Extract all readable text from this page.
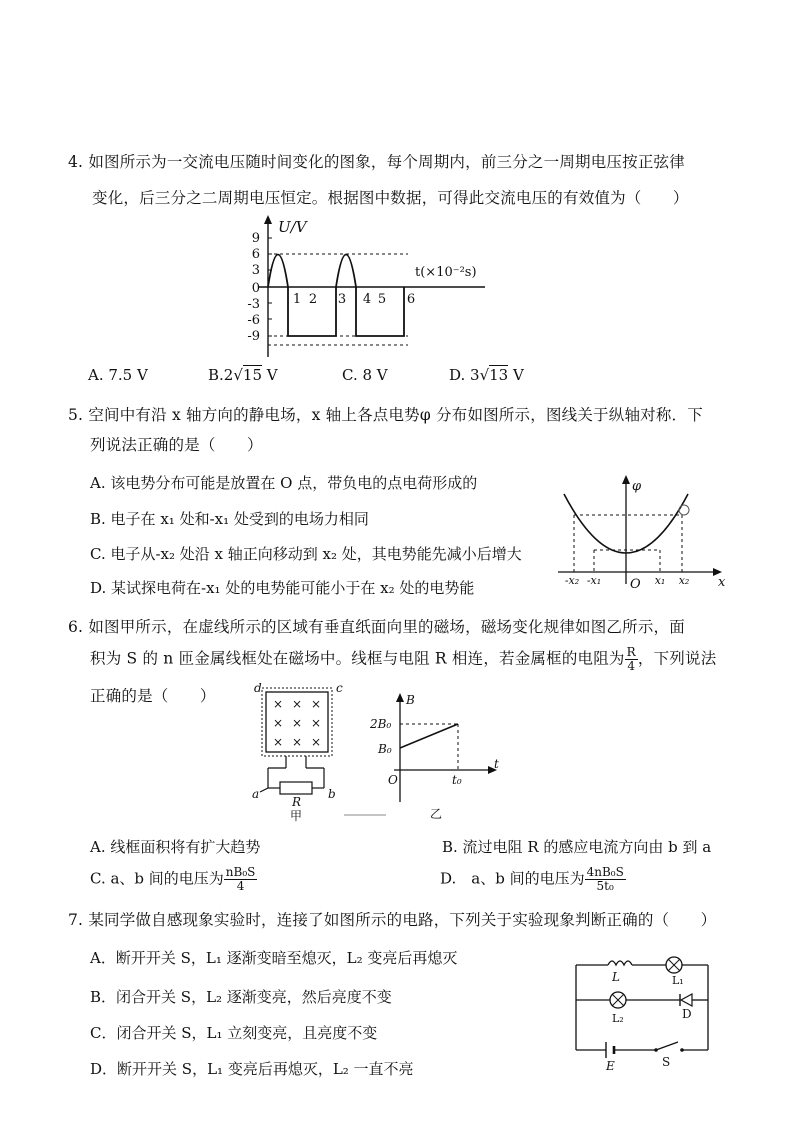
4. 如图所示为一交流电压随时间变化的图象，每个周期内，前三分之一周期电压按正弦律
变化，后三分之二周期电压恒定。根据图中数据，可得此交流电压的有效值为（　　）
U/V
t(×10⁻²s)
9
6
3
0
-3
-6
-9
1 2 3 4 5 6
A. 7.5 V	B.2√15 V	C. 8 V	D. 3√13 V
5. 空间中有沿 x 轴方向的静电场，x 轴上各点电势φ 分布如图所示，图线关于纵轴对称．下
列说法正确的是（　　）
A. 该电势分布可能是放置在 O 点，带负电的点电荷形成的
B. 电子在 x₁ 处和-x₁ 处受到的电场力相同
C. 电子从-x₂ 处沿 x 轴正向移动到 x₂ 处，其电势能先减小后增大
D. 某试探电荷在-x₁ 处的电势能可能小于在 x₂ 处的电势能
φ
x
O
-x₂ -x₁	x₁ x₂
6. 如图甲所示，在虚线所示的区域有垂直纸面向里的磁场，磁场变化规律如图乙所示，面
积为 S 的 n 匝金属线框处在磁场中。线框与电阻 R 相连，若金属框的电阻为 $\frac{R}{4}$ ，下列说法
正确的是（　　）	d	c
× × ×
× × ×
× × ×
a	b
R
甲
B
t
2B₀
B₀
O	t₀
乙
A. 线框面积将有扩大趋势	B. 流过电阻 R 的感应电流方向由 b 到 a
C. a、b 间的电压为 $\frac{\text{nB₀S}}{4}$	D.　a、b 间的电压为 $\frac{\text{4nB₀S}}{\text{5t₀}}$
7. 某同学做自感现象实验时，连接了如图所示的电路，下列关于实验现象判断正确的（　　）
A．断开开关 S，L₁ 逐渐变暗至熄灭，L₂ 变亮后再熄灭
B．闭合开关 S，L₂ 逐渐变亮，然后亮度不变
C．闭合开关 S，L₁ 立刻变亮，且亮度不变
D．断开开关 S，L₁ 变亮后再熄灭，L₂ 一直不亮
L	L₁
L₂	D
E	S
